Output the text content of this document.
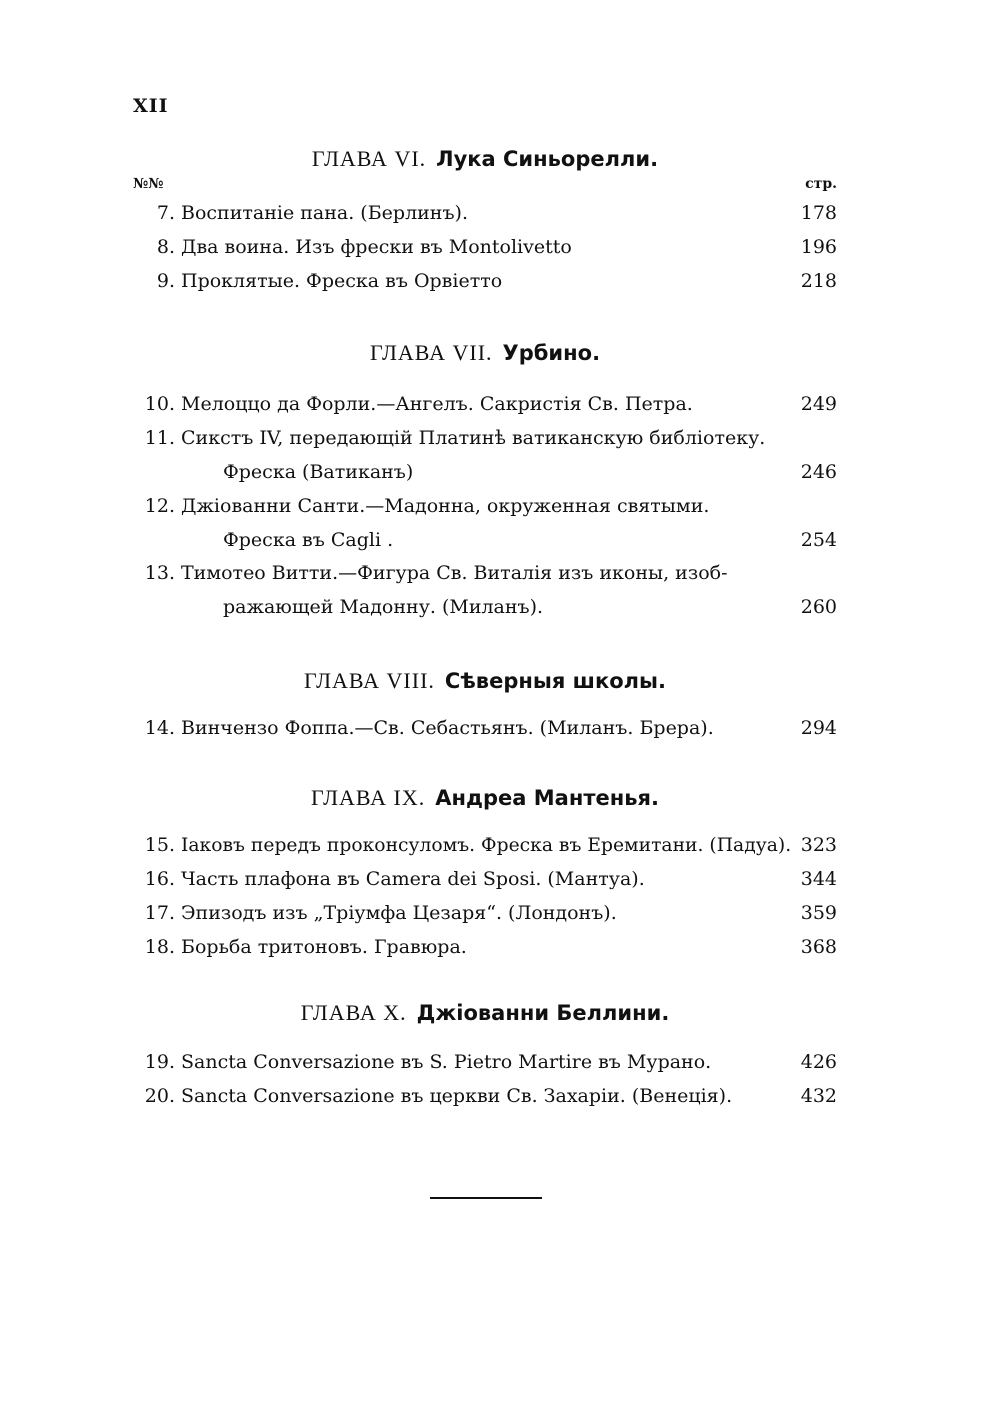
XII
ГЛАВА VI. Лука Синьорелли.
№№	стр.
7. Воспитаніе пана. (Берлинъ).	178
8. Два воина. Изъ фрески въ Montolivetto	196
9. Проклятые. Фреска въ Орвіетто	218
ГЛАВА VII. Урбино.
10. Мелоццо да Форли.—Ангелъ. Сакристія Св. Петра.	249
11. Сикстъ IV, передающій Платинѣ ватиканскую библіотеку.
Фреска (Ватиканъ)	246
12. Джіованни Санти.—Мадонна, окруженная святыми.
Фреска въ Cagli .	254
13. Тимотео Витти.—Фигура Св. Виталія изъ иконы, изоб-
ражающей Мадонну. (Миланъ).	260
ГЛАВА VIII. Сѣверныя школы.
14. Винчензо Фоппа.—Св. Себастьянъ. (Миланъ. Брера).	294
ГЛАВА IX. Андреа Мантенья.
15. Іаковъ передъ проконсуломъ. Фреска въ Еремитани. (Падуа). 323
16. Часть плафона въ Camera dei Sposi. (Мантуа).	344
17. Эпизодъ изъ „Тріумфа Цезаря“. (Лондонъ).	359
18. Борьба тритоновъ. Гравюра.	368
ГЛАВА X. Джіованни Беллини.
19. Sancta Conversazione въ S. Pietro Martire въ Мурано.	426
20. Sancta Conversazione въ церкви Св. Захаріи. (Венеція).	432
